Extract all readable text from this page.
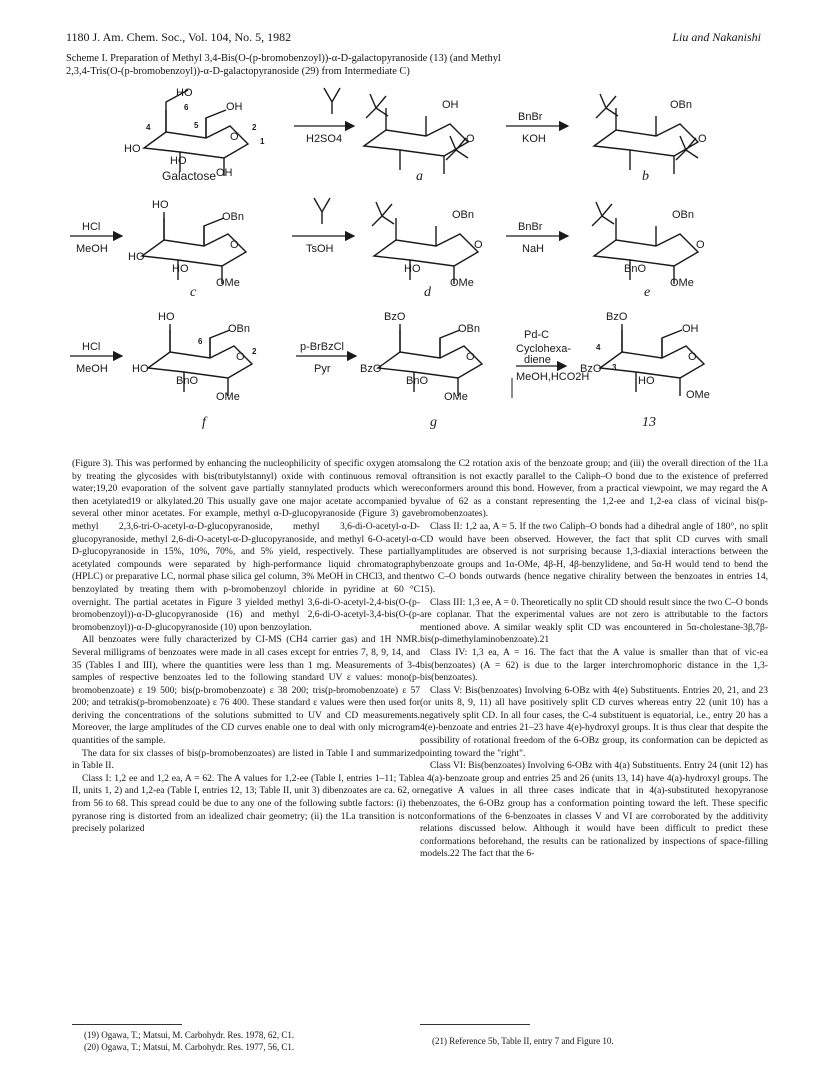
1180 J. Am. Chem. Soc., Vol. 104, No. 5, 1982	Liu and Nakanishi
Scheme I. Preparation of Methyl 3,4-Bis(O-(p-bromobenzoyl))-α-D-galactopyranoside (13) (and Methyl
2,3,4-Tris(O-(p-bromobenzoyl))-α-D-galactopyranoside (29) from Intermediate C)
HO
OH
O
HO
HO
OH
4
6
5	2
1
Galactose
H2SO4
OH
O
a
BnBr
KOH
OBn
O
b
HCl
MeOH
HO
OBn
O
HO
HO
OMe
c
TsOH
OBn
O
HO
OMe
d
BnBr
NaH
OBn
O
BnO
OMe
e
HCl
MeOH
HO
OBn
O
HO
BnO
OMe
6
2
f
p-BrBzCl
Pyr
BzO
OBn
O
BzO
BnO
OMe
g
Pd-C
Cyclohexa-
diene
MeOH,HCO2H
BzO
OH
O
BzO
HO
OMe
4
3
13

(Figure 3). This was performed by enhancing the nucleophilicity of specific oxygen atoms by treating the glycosides with bis(tributylstannyl) oxide with continuous removal of water;19,20 evaporation of the solvent gave partially stannylated products which were then acetylated19 or alkylated.20 This usually gave one major acetate accompanied by several other minor acetates. For example, methyl α-D-glucopyranoside (Figure 3) gave methyl 2,3,6-tri-O-acetyl-α-D-glucopyranoside, methyl 3,6-di-O-acetyl-α-D-glucopyranoside, methyl 2,6-di-O-acetyl-α-D-glucopyranoside, and methyl 6-O-acetyl-α-D-glucopyranoside in 15%, 10%, 70%, and 5% yield, respectively. These partially acetylated compounds were separated by high-performance liquid chromatography (HPLC) or preparative LC, normal phase silica gel column, 3% MeOH in CHCl3, and then benzoylated by treating them with p-bromobenzoyl chloride in pyridine at 60 °C overnight. The partial acetates in Figure 3 yielded methyl 3,6-di-O-acetyl-2,4-bis(O-(p-bromobenzoyl))-α-D-glucopyranoside (16) and methyl 2,6-di-O-acetyl-3,4-bis(O-(p-bromobenzoyl))-α-D-glucopyranoside (10) upon benzoylation.

All benzoates were fully characterized by CI-MS (CH4 carrier gas) and 1H NMR. Several milligrams of benzoates were made in all cases except for entries 7, 8, 9, 14, and 35 (Tables I and III), where the quantities were less than 1 mg. Measurements of 3-4 samples of respective benzoates led to the following standard UV ε values: mono(p-bromobenzoate) ε 19 500; bis(p-bromobenzoate) ε 38 200; tris(p-bromobenzoate) ε 57 200; and tetrakis(p-bromobenzoate) ε 76 400. These standard ε values were then used for deriving the concentrations of the solutions submitted to UV and CD measurements. Moreover, the large amplitudes of the CD curves enable one to deal with only microgram quantities of the sample.

The data for six classes of bis(p-bromobenzoates) are listed in Table I and summarized in Table II.

Class I: 1,2 ee and 1,2 ea, A = 62. The A values for 1,2-ee (Table I, entries 1–11; Table II, units 1, 2) and 1,2-ea (Table I, entries 12, 13; Table II, unit 3) dibenzoates are ca. 62, or from 56 to 68. This spread could be due to any one of the following subtle factors: (i) the pyranose ring is distorted from an idealized chair geometry; (ii) the 1La transition is not precisely polarized

along the C2 rotation axis of the benzoate group; and (iii) the overall direction of the 1La transition is not exactly parallel to the Caliph–O bond due to the existence of preferred conformers around this bond. However, from a practical viewpoint, we may regard the A value of 62 as a constant representing the 1,2-ee and 1,2-ea class of vicinal bis(p-bromobenzoates).

Class II: 1,2 aa, A = 5. If the two Caliph–O bonds had a dihedral angle of 180°, no split CD would have been observed. However, the fact that split CD curves with small amplitudes are observed is not surprising because 1,3-diaxial interactions between the benzoate groups and 1α-OMe, 4β-H, 4β-benzylidene, and 5α-H would tend to bend the two C–O bonds outwards (hence negative chirality between the benzoates in entries 14, 15).

Class III: 1,3 ee, A = 0. Theoretically no split CD should result since the two C–O bonds are coplanar. That the experimental values are not zero is attributable to the factors mentioned above. A similar weakly split CD was encountered in 5α-cholestane-3β,7β-bis(p-dimethylaminobenzoate).21

Class IV: 1,3 ea, A = 16. The fact that the A value is smaller than that of vic-ea bis(benzoates) (A = 62) is due to the larger interchromophoric distance in the 1,3-bis(benzoates).

Class V: Bis(benzoates) Involving 6-OBz with 4(e) Substituents. Entries 20, 21, and 23 (or units 8, 9, 11) all have positively split CD curves whereas entry 22 (unit 10) has a negatively split CD. In all four cases, the C-4 substituent is equatorial, i.e., entry 20 has a 4(e)-benzoate and entries 21–23 have 4(e)-hydroxyl groups. It is thus clear that despite the possibility of rotational freedom of the 6-OBz group, its conformation can be depicted as pointing toward the "right".

Class VI: Bis(benzoates) Involving 6-OBz with 4(a) Substituents. Entry 24 (unit 12) has a 4(a)-benzoate group and entries 25 and 26 (units 13, 14) have 4(a)-hydroxyl groups. The negative A values in all three cases indicate that in 4(a)-substituted hexopyranose benzoates, the 6-OBz group has a conformation pointing toward the left. These specific conformations of the 6-benzoates in classes V and VI are corroborated by the additivity relations discussed below. Although it would have been difficult to predict these conformations beforehand, the results can be rationalized by inspections of space-filling models.22 The fact that the 6-

(19) Ogawa, T.; Matsui, M. Carbohydr. Res. 1978, 62, C1.
(20) Ogawa, T.; Matsui, M. Carbohydr. Res. 1977, 56, C1.
(21) Reference 5b, Table II, entry 7 and Figure 10.
